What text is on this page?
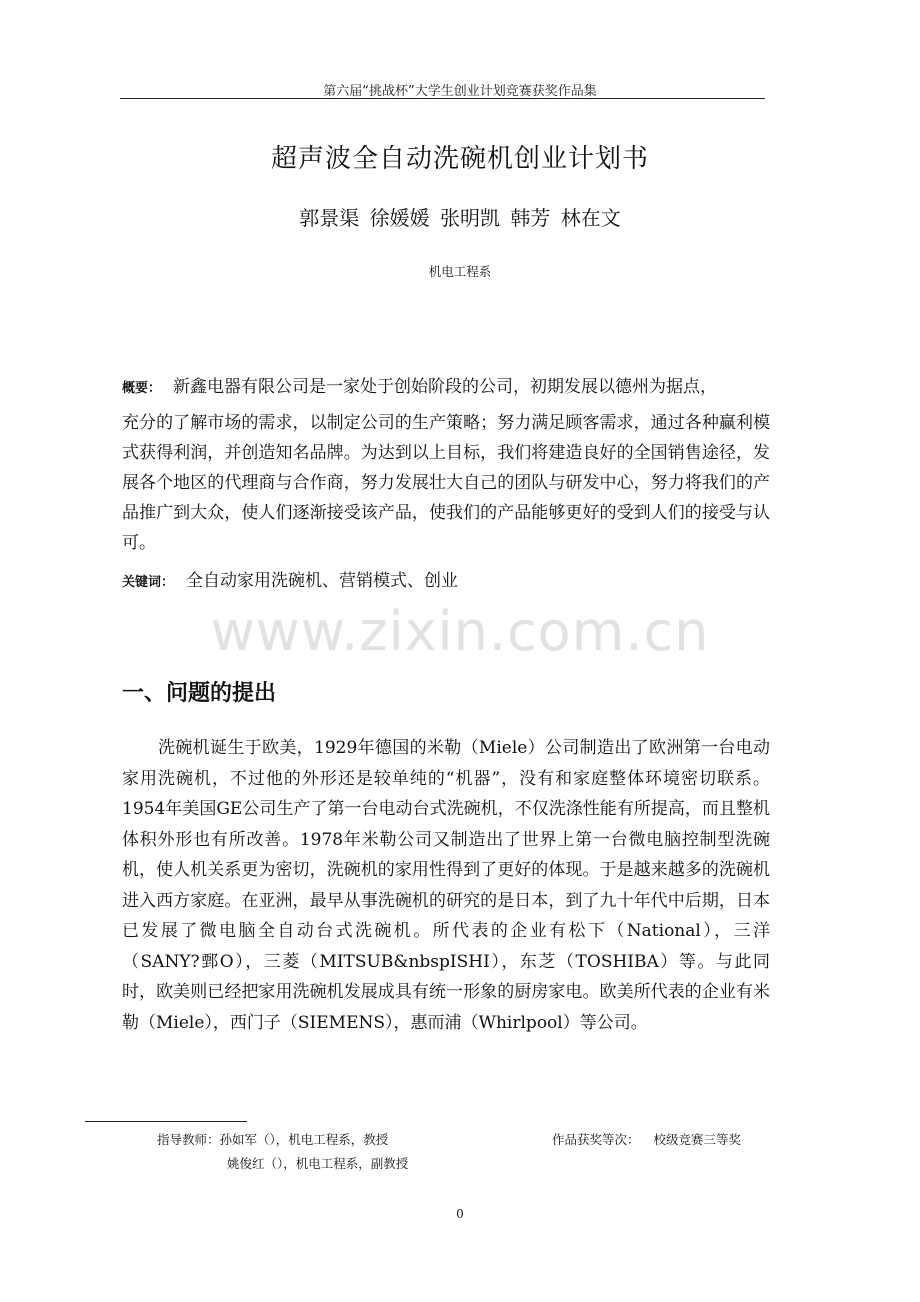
第六届“挑战杯”大学生创业计划竞赛获奖作品集
超声波全自动洗碗机创业计划书
郭景渠 徐媛媛 张明凯 韩芳 林在文
机电工程系
概要： 新鑫电器有限公司是一家处于创始阶段的公司，初期发展以德州为据点，
充分的了解市场的需求，以制定公司的生产策略；努力满足顾客需求，通过各种赢利模式获得利润，并创造知名品牌。为达到以上目标，我们将建造良好的全国销售途径，发展各个地区的代理商与合作商，努力发展壮大自己的团队与研发中心，努力将我们的产品推广到大众，使人们逐渐接受该产品，使我们的产品能够更好的受到人们的接受与认可。
关键词： 全自动家用洗碗机、营销模式、创业
www.zixin.com.cn
一、问题的提出
洗碗机诞生于欧美，1929年德国的米勒（Miele）公司制造出了欧洲第一台电动家用洗碗机，不过他的外形还是较单纯的“机器”，没有和家庭整体环境密切联系。1954年美国GE公司生产了第一台电动台式洗碗机，不仅洗涤性能有所提高，而且整机体积外形也有所改善。1978年米勒公司又制造出了世界上第一台微电脑控制型洗碗机，使人机关系更为密切，洗碗机的家用性得到了更好的体现。于是越来越多的洗碗机进入西方家庭。在亚洲，最早从事洗碗机的研究的是日本，到了九十年代中后期，日本已发展了微电脑全自动台式洗碗机。所代表的企业有松下（National），三洋（SANY?鄄O），三菱（MITSUB&nbspISHI），东芝（TOSHIBA）等。与此同时，欧美则已经把家用洗碗机发展成具有统一形象的厨房家电。欧美所代表的企业有米勒（Miele），西门子（SIEMENS），惠而浦（Whirlpool）等公司。
指导教师：孙如军（），机电工程系，教授
姚俊红（），机电工程系，副教授
作品获奖等次： 校级竞赛三等奖
0
